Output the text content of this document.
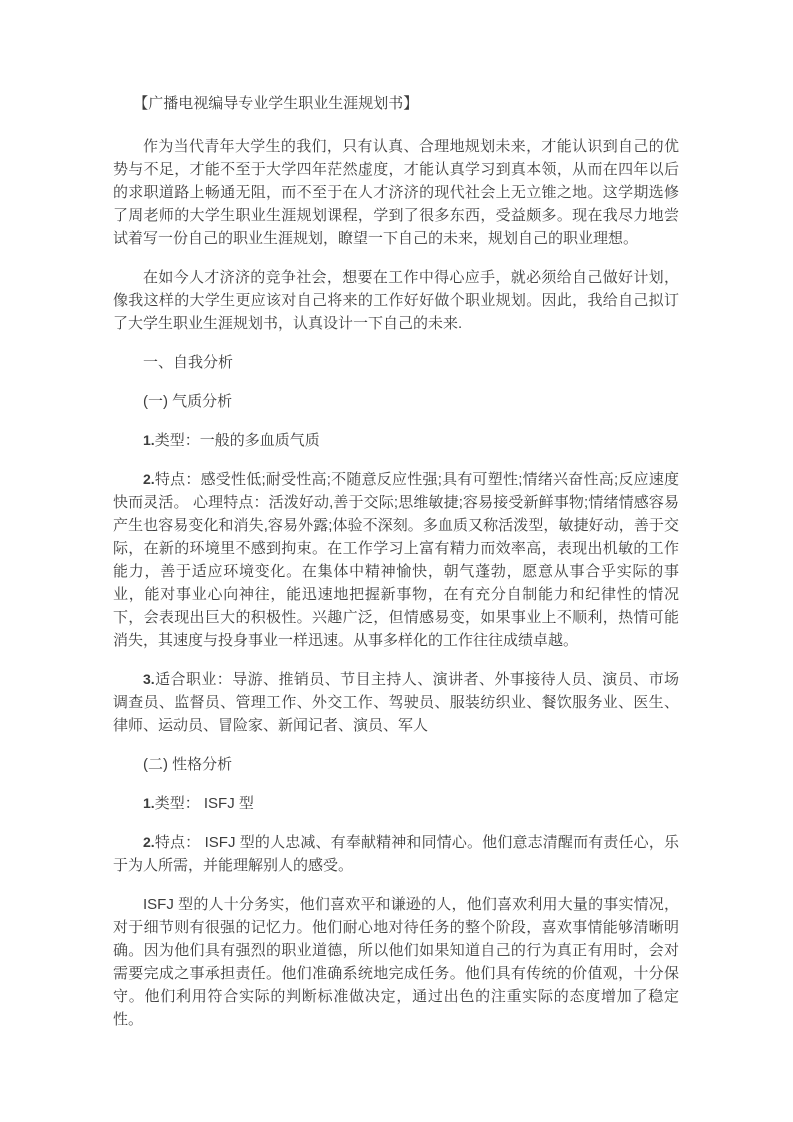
【广播电视编导专业学生职业生涯规划书】

作为当代青年大学生的我们，只有认真、合理地规划未来，才能认识到自己的优势与不足，才能不至于大学四年茫然虚度，才能认真学习到真本领，从而在四年以后的求职道路上畅通无阻，而不至于在人才济济的现代社会上无立锥之地。这学期选修了周老师的大学生职业生涯规划课程，学到了很多东西，受益颇多。现在我尽力地尝试着写一份自己的职业生涯规划，瞭望一下自己的未来，规划自己的职业理想。

在如今人才济济的竞争社会，想要在工作中得心应手，就必须给自己做好计划，像我这样的大学生更应该对自己将来的工作好好做个职业规划。因此，我给自己拟订了大学生职业生涯规划书，认真设计一下自己的未来.

一、自我分析

(一) 气质分析

1.类型：一般的多血质气质

2.特点：感受性低;耐受性高;不随意反应性强;具有可塑性;情绪兴奋性高;反应速度快而灵活。 心理特点：活泼好动,善于交际;思维敏捷;容易接受新鲜事物;情绪情感容易产生也容易变化和消失,容易外露;体验不深刻。多血质又称活泼型，敏捷好动，善于交际，在新的环境里不感到拘束。在工作学习上富有精力而效率高，表现出机敏的工作能力，善于适应环境变化。在集体中精神愉快，朝气蓬勃，愿意从事合乎实际的事业，能对事业心向神往，能迅速地把握新事物，在有充分自制能力和纪律性的情况下，会表现出巨大的积极性。兴趣广泛，但情感易变，如果事业上不顺利，热情可能消失，其速度与投身事业一样迅速。从事多样化的工作往往成绩卓越。

3.适合职业：导游、推销员、节目主持人、演讲者、外事接待人员、演员、市场调查员、监督员、管理工作、外交工作、驾驶员、服装纺织业、餐饮服务业、医生、律师、运动员、冒险家、新闻记者、演员、军人

(二) 性格分析

1.类型： ISFJ 型

2.特点： ISFJ 型的人忠减、有奉献精神和同情心。他们意志清醒而有责任心，乐于为人所需，并能理解别人的感受。

ISFJ 型的人十分务实，他们喜欢平和谦逊的人，他们喜欢利用大量的事实情况，对于细节则有很强的记忆力。他们耐心地对待任务的整个阶段，喜欢事情能够清晰明确。因为他们具有强烈的职业道德，所以他们如果知道自己的行为真正有用时，会对需要完成之事承担责任。他们准确系统地完成任务。他们具有传统的价值观，十分保守。他们利用符合实际的判断标准做决定，通过出色的注重实际的态度增加了稳定性。
